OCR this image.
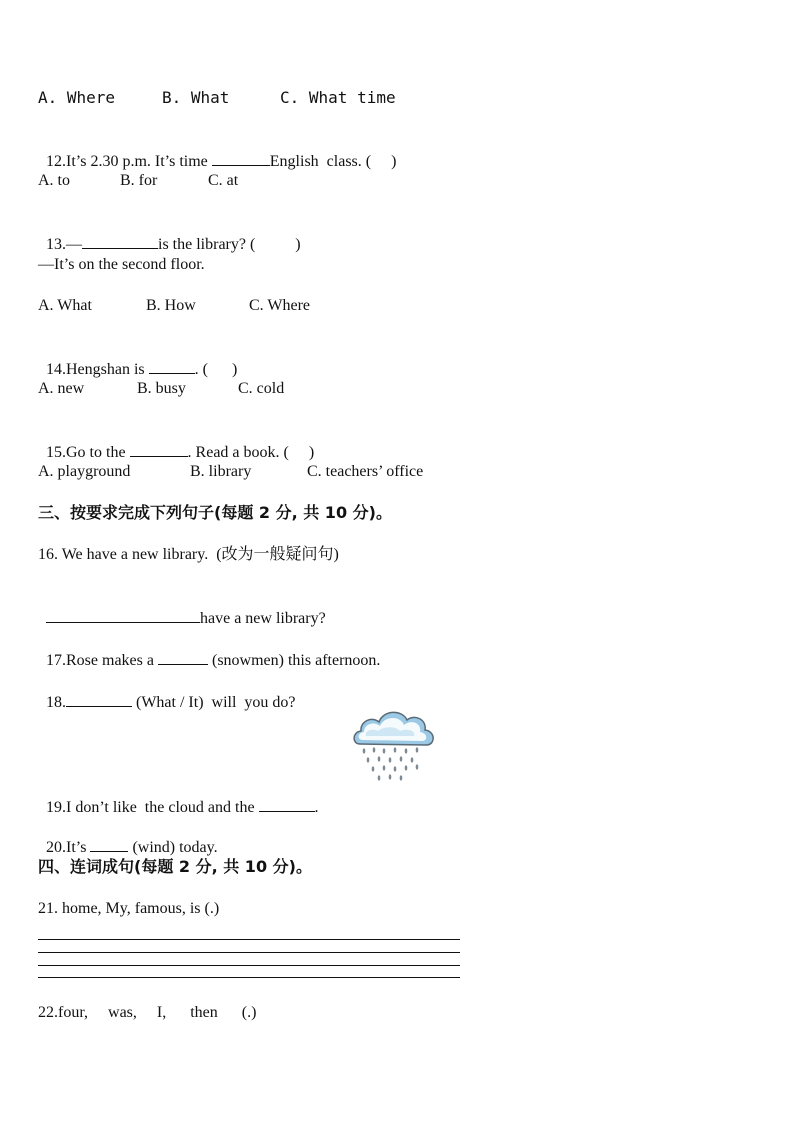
A. Where	B. What	C. What time

12.It’s 2.30 p.m. It’s time	English  class. (     )

A. to	B. for	C. at

13.—	is the library? (          )

—It’s on the second floor.
A. What	B. How	C. Where

14.Hengshan is	. (      )

A. new	B. busy	C. cold

15.Go to the	. Read a book. (     )

A. playground	B. library	C. teachers’ office
三、按要求完成下列句子(每题 2 分, 共 10 分)。
16. We have a new library.  (改为一般疑问句)

have a new library?

17.Rose makes a	(snowmen) this afternoon.

18.	(What / It)  will  you do?

19.I don’t like  the cloud and the	.

20.It’s  (wind) today.

四、连词成句(每题 2 分, 共 10 分)。
21. home, My, famous, is (.)
22.four,     was,     I,      then      (.)
